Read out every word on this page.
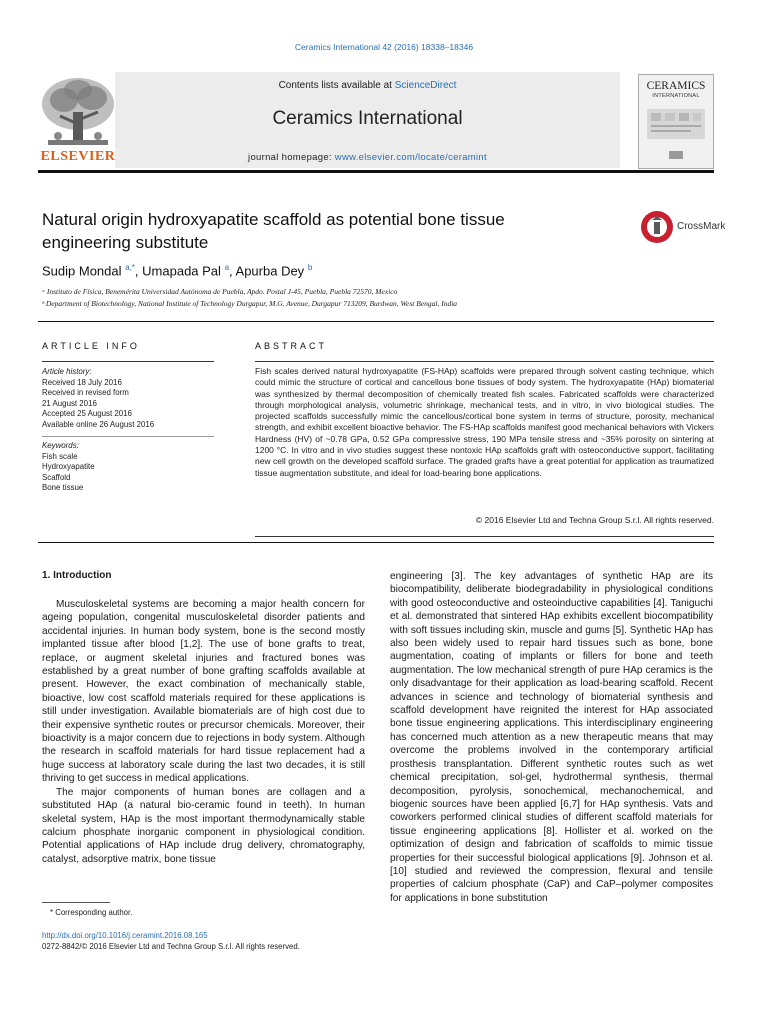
Ceramics International 42 (2016) 18338–18346
Contents lists available at ScienceDirect
Ceramics International
journal homepage: www.elsevier.com/locate/ceramint
ELSEVIER
CERAMICS
INTERNATIONAL
Natural origin hydroxyapatite scaffold as potential bone tissue
engineering substitute
CrossMark
Sudip Mondal $^{a,*}$, Umapada Pal $^a$, Apurba Dey $^b$
ᵃ Instituto de Física, Benemérita Universidad Autónoma de Puebla, Apdo. Postal J-45, Puebla, Puebla 72570, Mexico
ᵇ Department of Biotechnology, National Institute of Technology Durgapur, M.G. Avenue, Durgapur 713209, Burdwan, West Bengal, India
ARTICLE INFO	ABSTRACT
Article history:
Received 18 July 2016
Received in revised form
21 August 2016
Accepted 25 August 2016
Available online 26 August 2016
Keywords:
Fish scale
Hydroxyapatite
Scaffold
Bone tissue
Fish scales derived natural hydroxyapatite (FS-HAp) scaffolds were prepared through solvent casting technique, which could mimic the structure of cortical and cancellous bone tissues of body system. The hydroxyapatite (HAp) biomaterial was synthesized by thermal decomposition of chemically treated fish scales. Fabricated scaffolds were characterized through morphological analysis, volumetric shrinkage, mechanical tests, and in vitro, in vivo biological studies. The projected scaffolds successfully mimic the cancellous/cortical bone system in terms of structure, porosity, mechanical strength, and exhibit excellent bioactive behavior. The FS-HAp scaffolds manifest good mechanical behaviors with Vickers Hardness (HV) of ~0.78 GPa, 0.52 GPa compressive stress, 190 MPa tensile stress and ~35% porosity on sintering at 1200 °C. In vitro and in vivo studies suggest these nontoxic HAp scaffolds graft with osteoconductive support, facilitating new cell growth on the developed scaffold surface. The graded grafts have a great potential for application as traumatized tissue augmentation substitute, and ideal for load-bearing bone applications.
© 2016 Elsevier Ltd and Techna Group S.r.l. All rights reserved.
1. Introduction

Musculoskeletal systems are becoming a major health concern for ageing population, congenital musculoskeletal disorder patients and accidental injuries. In human body system, bone is the second mostly implanted tissue after blood [1,2]. The use of bone grafts to treat, replace, or augment skeletal injuries and fractured bones was established by a great number of bone grafting scaffolds available at present. However, the exact combination of mechanically stable, bioactive, low cost scaffold materials required for these applications is still under investigation. Available biomaterials are of high cost due to their expensive synthetic routes or precursor chemicals. Moreover, their bioactivity is a major concern due to rejections in body system. Although the research in scaffold materials for hard tissue replacement had a huge success at laboratory scale during the last two decades, it is still thriving to get success in medical applications.

The major components of human bones are collagen and a substituted HAp (a natural bio-ceramic found in teeth). In human skeletal system, HAp is the most important thermodynamically stable calcium phosphate inorganic component in physiological condition. Potential applications of HAp include drug delivery, chromatography, catalyst, adsorptive matrix, bone tissue

engineering [3]. The key advantages of synthetic HAp are its biocompatibility, deliberate biodegradability in physiological conditions with good osteoconductive and osteoinductive capabilities [4]. Taniguchi et al. demonstrated that sintered HAp exhibits excellent biocompatibility with soft tissues including skin, muscle and gums [5]. Synthetic HAp has also been widely used to repair hard tissues such as bone, bone augmentation, coating of implants or fillers for bone and teeth augmentation. The low mechanical strength of pure HAp ceramics is the only disadvantage for their application as load-bearing scaffold. Recent advances in science and technology of biomaterial synthesis and scaffold development have reignited the interest for HAp associated bone tissue engineering applications. This interdisciplinary engineering has concerned much attention as a new therapeutic means that may overcome the problems involved in the contemporary artificial prosthesis transplantation. Different synthetic routes such as wet chemical precipitation, sol-gel, hydrothermal synthesis, thermal decomposition, pyrolysis, sonochemical, mechanochemical, and biogenic sources have been applied [6,7] for HAp synthesis. Vats and coworkers performed clinical studies of different scaffold materials for tissue engineering applications [8]. Hollister et al. worked on the optimization of design and fabrication of scaffolds to mimic tissue properties for their successful biological applications [9]. Johnson et al. [10] studied and reviewed the compression, flexural and tensile properties of calcium phosphate (CaP) and CaP–polymer composites for applications in bone substitution

* Corresponding author.
http://dx.doi.org/10.1016/j.ceramint.2016.08.165
0272-8842/© 2016 Elsevier Ltd and Techna Group S.r.l. All rights reserved.
